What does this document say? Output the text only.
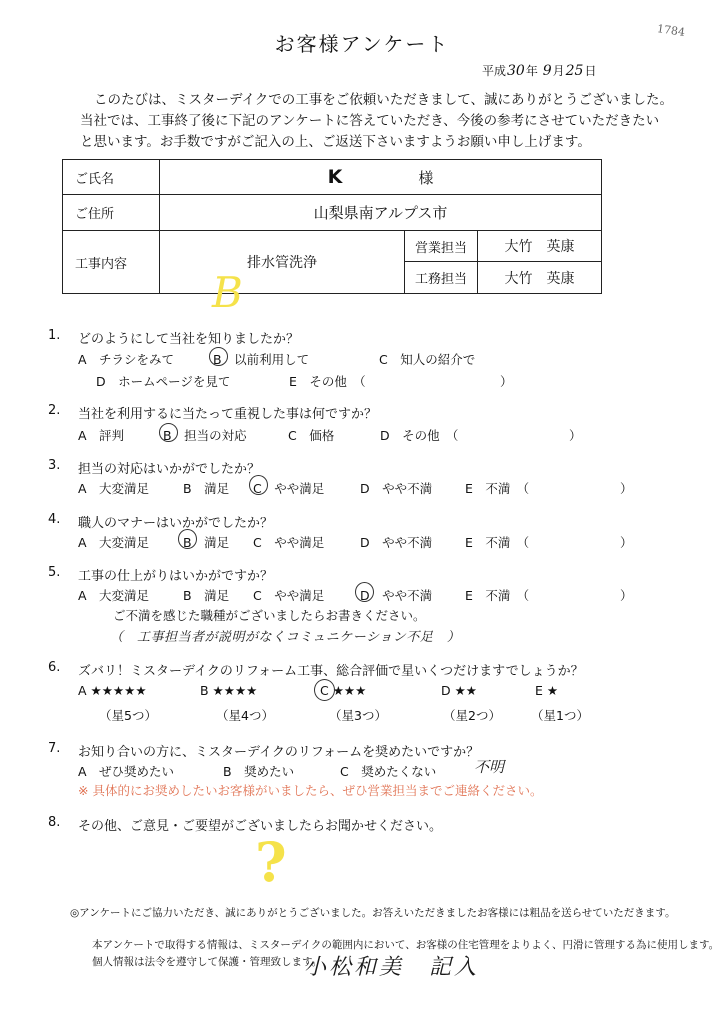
お客様アンケート
1784
平成30年 9月25日
このたびは、ミスターデイクでの工事をご依頼いただきまして、誠にありがとうございました。
当社では、工事終了後に下記のアンケートに答えていただき、今後の参考にさせていただきたい
と思います。お手数ですがご記入の上、ご返送下さいますようお願い申し上げます。
ご氏名	K 様		
ご住所	山梨県南アルプス市		
工事内容	排水管洗浄	営業担当	大竹　英康
		工務担当	大竹　英康
B
1. どのようにして当社を知りましたか？
A　チラシをみて	B　以前利用して	C　知人の紹介で
D　ホームページを見て	E　その他　（	）
2. 当社を利用するに当たって重視した事は何ですか？
A　評判	B　担当の対応	C　価格	D　その他　（	）
3. 担当の対応はいかがでしたか？
A　大変満足	B　満足 C　やや満足	D　やや不満	E　不満　（	）
4. 職人のマナーはいかがでしたか？
A　大変満足	B　満足 C　やや満足	D　やや不満	E　不満　（	）
5. 工事の仕上がりはいかがですか？
A　大変満足	B　満足 C　やや満足	D　やや不満	E　不満　（	）
ご不満を感じた職種がございましたらお書きください。
（　工事担当者が説明がなくコミュニケーション不足　）
6. ズバリ！ミスターデイクのリフォーム工事、総合評価で星いくつだけますでしょうか？
A ★★★★★	B ★★★★	C ★★★	D ★★	E ★
（星5つ）	（星4つ）	（星3つ）	（星2つ） （星1つ）
7. お知り合いの方に、ミスターデイクのリフォームを奨めたいですか？
A　ぜひ奨めたい	B　奨めたい	C　奨めたくない	不明
※ 具体的にお奨めしたいお客様がいましたら、ぜひ営業担当までご連絡ください。
8. その他、ご意見・ご要望がございましたらお聞かせください。
?
◎アンケートにご協力いただき、誠にありがとうございました。お答えいただきましたお客様には粗品を送らせていただきます。
本アンケートで取得する情報は、ミスターデイクの範囲内において、お客様の住宅管理をよりよく、円滑に管理する為に使用します。
個人情報は法令を遵守して保護・管理致します。
小松和美　記入
